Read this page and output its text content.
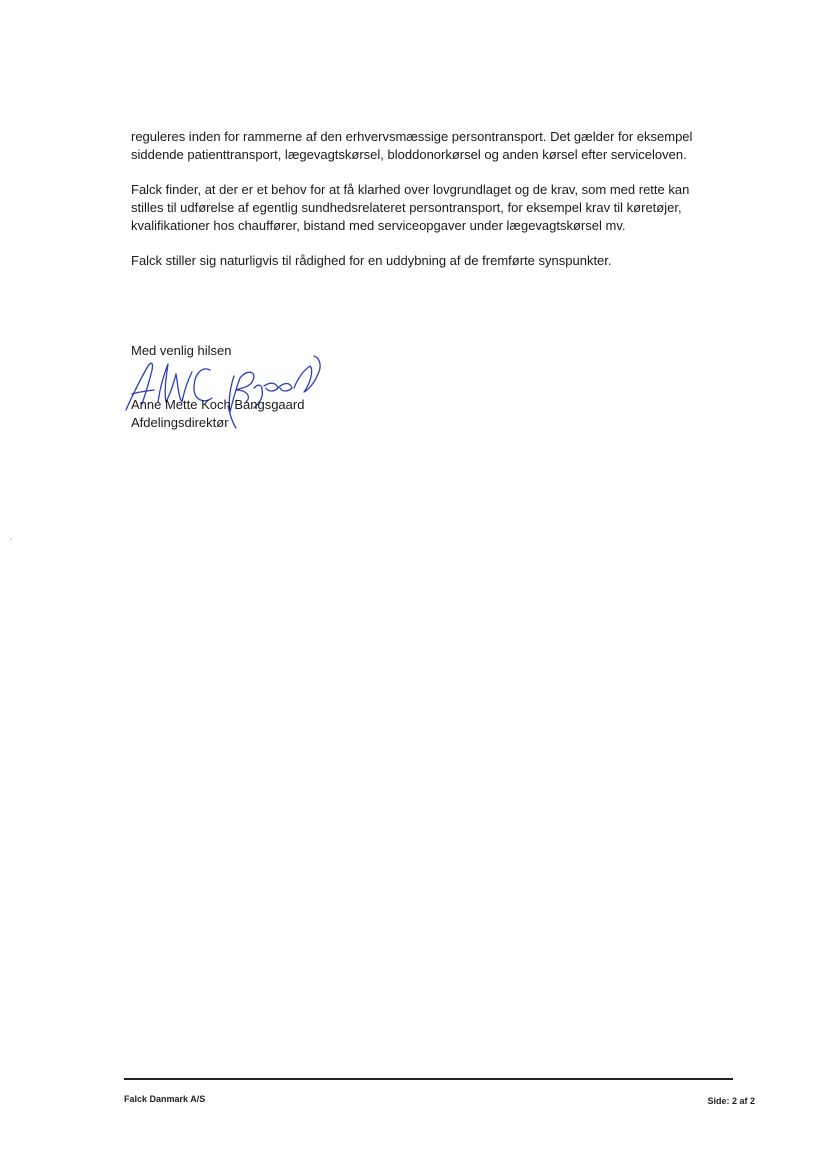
reguleres inden for rammerne af den erhvervsmæssige persontransport. Det gælder for eksempel
siddende patienttransport, lægevagtskørsel, bloddonorkørsel og anden kørsel efter serviceloven.

Falck finder, at der er et behov for at få klarhed over lovgrundlaget og de krav, som med rette kan
stilles til udførelse af egentlig sundhedsrelateret persontransport, for eksempel krav til køretøjer,
kvalifikationer hos chauffører, bistand med serviceopgaver under lægevagtskørsel mv.

Falck stiller sig naturligvis til rådighed for en uddybning af de fremførte synspunkter.

Med venlig hilsen
Anne Mette Koch Bangsgaard
Afdelingsdirektør
Falck Danmark A/S	Side: 2 af 2
